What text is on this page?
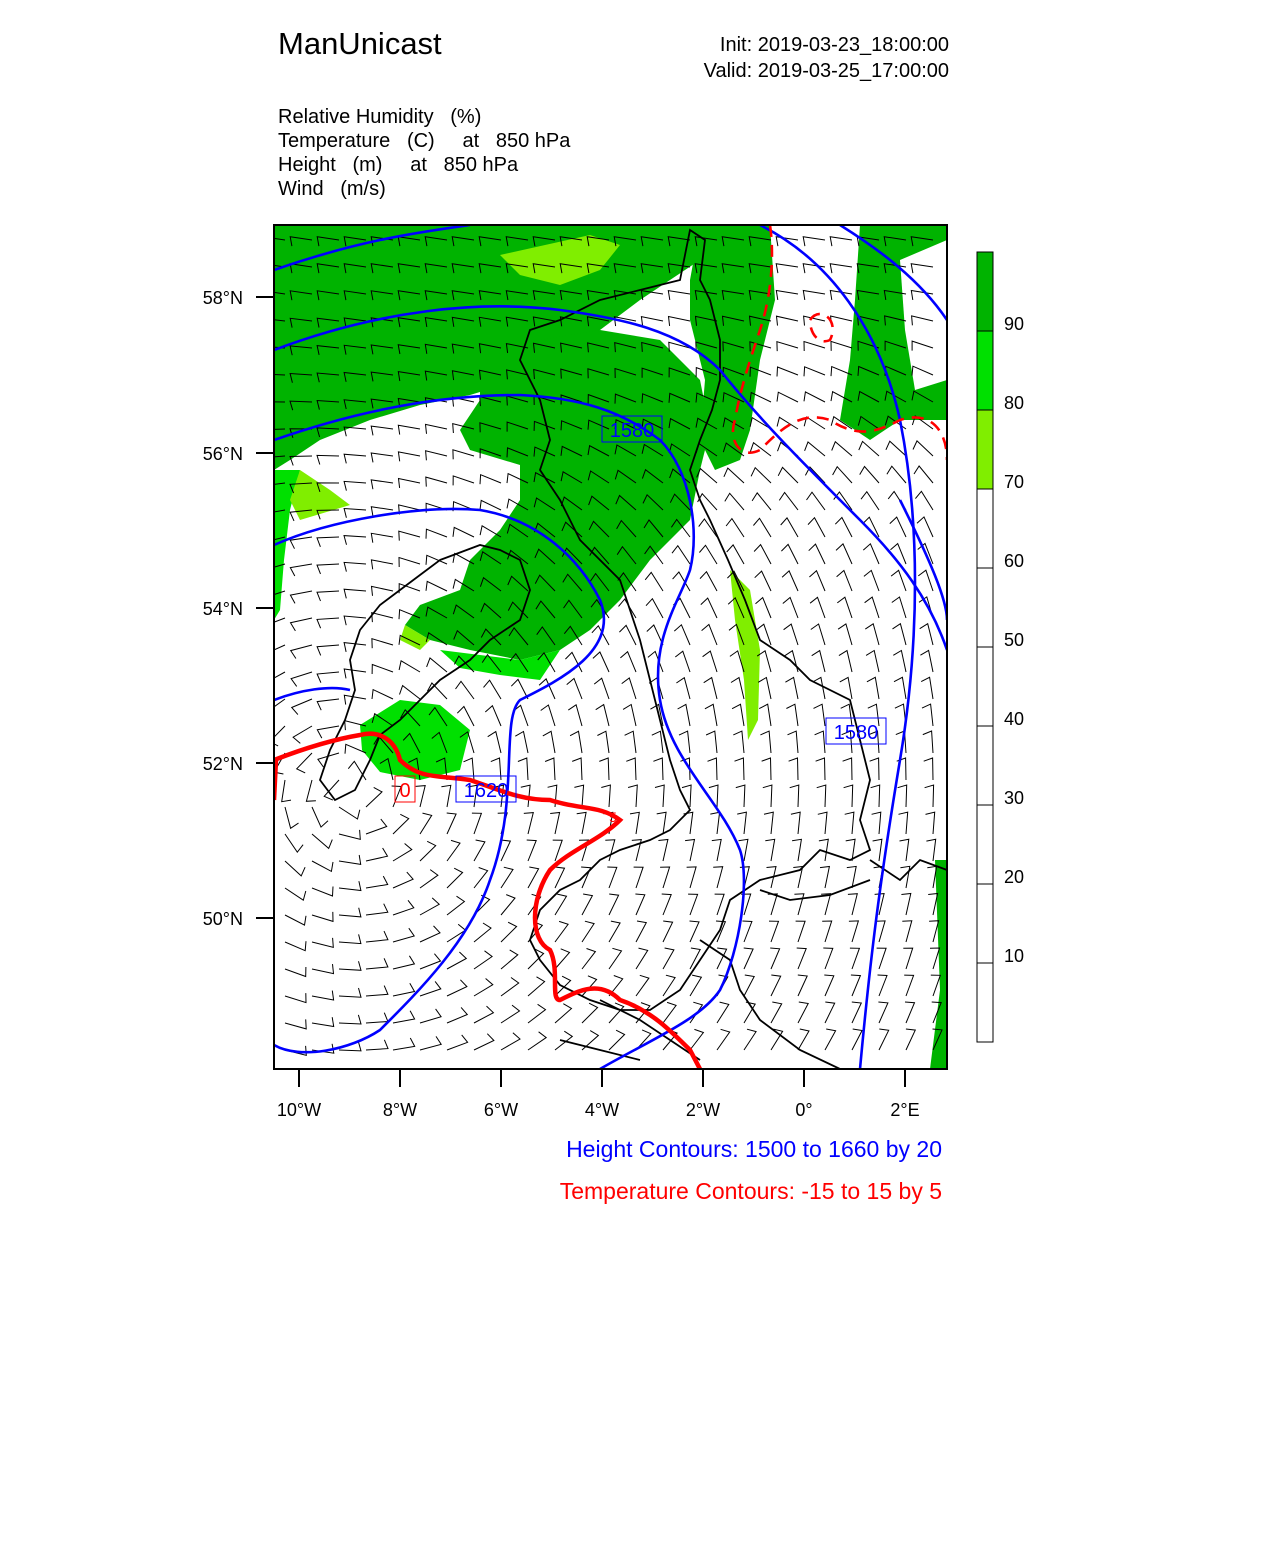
ManUnicast	Init: 2019-03-23_18:00:00
Valid: 2019-03-25_17:00:00
Relative Humidity   (%)
Temperature   (C)     at   850 hPa
Height   (m)     at   850 hPa
Wind   (m/s)
1580
1580
1620
0
5
58°N
56°N
54°N
52°N
50°N
10°W	8°W	6°W	4°W	2°W	0°	2°E
90
80
70
60
50
40
30
20
10
Height Contours: 1500 to 1660 by 20
Temperature Contours: -15 to 15 by 5
